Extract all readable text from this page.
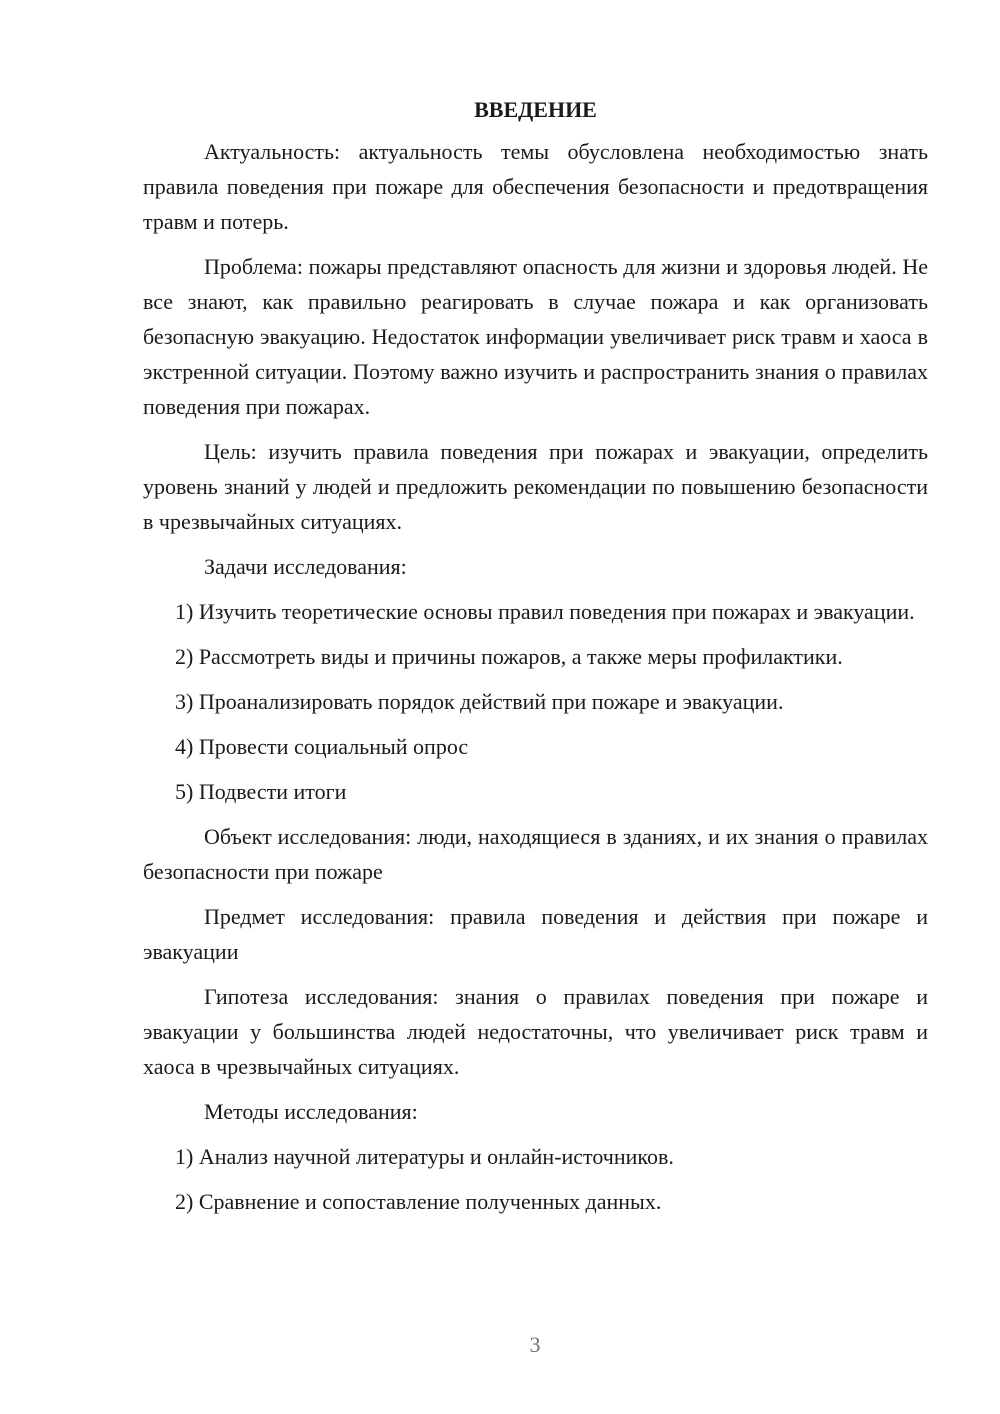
ВВЕДЕНИЕ

Актуальность: актуальность темы обусловлена необходимостью знать правила поведения при пожаре для обеспечения безопасности и предотвращения травм и потерь.

Проблема: пожары представляют опасность для жизни и здоровья людей. Не все знают, как правильно реагировать в случае пожара и как организовать безопасную эвакуацию. Недостаток информации увеличивает риск травм и хаоса в экстренной ситуации. Поэтому важно изучить и распространить знания о правилах поведения при пожарах.

Цель: изучить правила поведения при пожарах и эвакуации, определить уровень знаний у людей и предложить рекомендации по повышению безопасности в чрезвычайных ситуациях.

Задачи исследования:

1) Изучить теоретические основы правил поведения при пожарах и эвакуации.

2) Рассмотреть виды и причины пожаров, а также меры профилактики.

3) Проанализировать порядок действий при пожаре и эвакуации.

4) Провести социальный опрос

5) Подвести итоги

Объект исследования: люди, находящиеся в зданиях, и их знания о правилах безопасности при пожаре

Предмет исследования: правила поведения и действия при пожаре и эвакуации

Гипотеза исследования: знания о правилах поведения при пожаре и эвакуации у большинства людей недостаточны, что увеличивает риск травм и хаоса в чрезвычайных ситуациях.

Методы исследования:

1) Анализ научной литературы и онлайн-источников.

2) Сравнение и сопоставление полученных данных.

3
